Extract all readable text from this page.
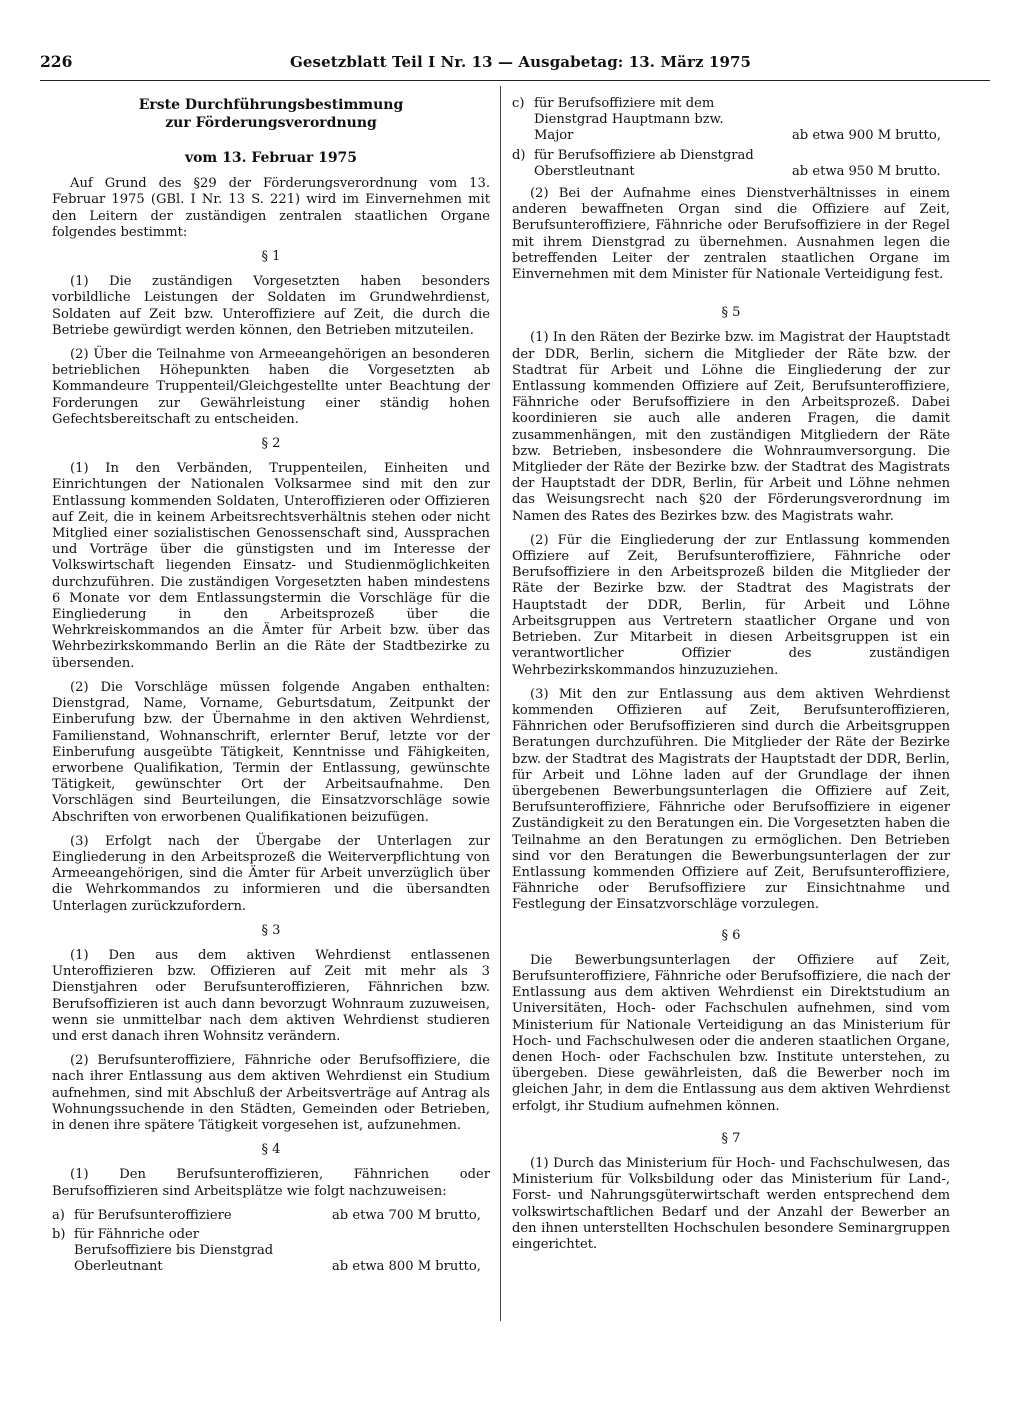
226	Gesetzblatt Teil I Nr. 13 — Ausgabetag: 13. März 1975
Erste Durchführungsbestimmung
zur Förderungsverordnung
vom 13. Februar 1975

Auf Grund des §29 der Förderungsverordnung vom 13. Februar 1975 (GBl. I Nr. 13 S. 221) wird im Einvernehmen mit den Leitern der zuständigen zentralen staatlichen Organe folgendes bestimmt:

§ 1

(1) Die zuständigen Vorgesetzten haben besonders vorbildliche Leistungen der Soldaten im Grundwehrdienst, Soldaten auf Zeit bzw. Unteroffiziere auf Zeit, die durch die Betriebe gewürdigt werden können, den Betrieben mitzuteilen.

(2) Über die Teilnahme von Armeeangehörigen an besonderen betrieblichen Höhepunkten haben die Vorgesetzten ab Kommandeure Truppenteil/Gleichgestellte unter Beachtung der Forderungen zur Gewährleistung einer ständig hohen Gefechtsbereitschaft zu entscheiden.

§ 2

(1) In den Verbänden, Truppenteilen, Einheiten und Einrichtungen der Nationalen Volksarmee sind mit den zur Entlassung kommenden Soldaten, Unteroffizieren oder Offizieren auf Zeit, die in keinem Arbeitsrechtsverhältnis stehen oder nicht Mitglied einer sozialistischen Genossenschaft sind, Aussprachen und Vorträge über die günstigsten und im Interesse der Volkswirtschaft liegenden Einsatz- und Studienmöglichkeiten durchzuführen. Die zuständigen Vorgesetzten haben mindestens 6 Monate vor dem Entlassungstermin die Vorschläge für die Eingliederung in den Arbeitsprozeß über die Wehrkreiskommandos an die Ämter für Arbeit bzw. über das Wehrbezirkskommando Berlin an die Räte der Stadtbezirke zu übersenden.

(2) Die Vorschläge müssen folgende Angaben enthalten: Dienstgrad, Name, Vorname, Geburtsdatum, Zeitpunkt der Einberufung bzw. der Übernahme in den aktiven Wehrdienst, Familienstand, Wohnanschrift, erlernter Beruf, letzte vor der Einberufung ausgeübte Tätigkeit, Kenntnisse und Fähigkeiten, erworbene Qualifikation, Termin der Entlassung, gewünschte Tätigkeit, gewünschter Ort der Arbeitsaufnahme. Den Vorschlägen sind Beurteilungen, die Einsatzvorschläge sowie Abschriften von erworbenen Qualifikationen beizufügen.

(3) Erfolgt nach der Übergabe der Unterlagen zur Eingliederung in den Arbeitsprozeß die Weiterverpflichtung von Armeeangehörigen, sind die Ämter für Arbeit unverzüglich über die Wehrkommandos zu informieren und die übersandten Unterlagen zurückzufordern.

§ 3

(1) Den aus dem aktiven Wehrdienst entlassenen Unteroffizieren bzw. Offizieren auf Zeit mit mehr als 3 Dienstjahren oder Berufsunteroffizieren, Fähnrichen bzw. Berufsoffizieren ist auch dann bevorzugt Wohnraum zuzuweisen, wenn sie unmittelbar nach dem aktiven Wehrdienst studieren und erst danach ihren Wohnsitz verändern.

(2) Berufsunteroffiziere, Fähnriche oder Berufsoffiziere, die nach ihrer Entlassung aus dem aktiven Wehrdienst ein Studium aufnehmen, sind mit Abschluß der Arbeitsverträge auf Antrag als Wohnungssuchende in den Städten, Gemeinden oder Betrieben, in denen ihre spätere Tätigkeit vorgesehen ist, aufzunehmen.

§ 4

(1) Den Berufsunteroffizieren, Fähnrichen oder Berufsoffizieren sind Arbeitsplätze wie folgt nachzuweisen:

a) für Berufsunteroffiziere	ab etwa 700 M brutto,
b) für Fähnriche oder Berufsoffiziere bis Dienstgrad Oberleutnant	ab etwa 800 M brutto,
c) für Berufsoffiziere mit dem Dienstgrad Hauptmann bzw. Major	ab etwa 900 M brutto,
d) für Berufsoffiziere ab Dienstgrad Oberstleutnant	ab etwa 950 M brutto.

(2) Bei der Aufnahme eines Dienstverhältnisses in einem anderen bewaffneten Organ sind die Offiziere auf Zeit, Berufsunteroffiziere, Fähnriche oder Berufsoffiziere in der Regel mit ihrem Dienstgrad zu übernehmen. Ausnahmen legen die betreffenden Leiter der zentralen staatlichen Organe im Einvernehmen mit dem Minister für Nationale Verteidigung fest.

§ 5

(1) In den Räten der Bezirke bzw. im Magistrat der Hauptstadt der DDR, Berlin, sichern die Mitglieder der Räte bzw. der Stadtrat für Arbeit und Löhne die Eingliederung der zur Entlassung kommenden Offiziere auf Zeit, Berufsunteroffiziere, Fähnriche oder Berufsoffiziere in den Arbeitsprozeß. Dabei koordinieren sie auch alle anderen Fragen, die damit zusammenhängen, mit den zuständigen Mitgliedern der Räte bzw. Betrieben, insbesondere die Wohnraumversorgung. Die Mitglieder der Räte der Bezirke bzw. der Stadtrat des Magistrats der Hauptstadt der DDR, Berlin, für Arbeit und Löhne nehmen das Weisungsrecht nach §20 der Förderungsverordnung im Namen des Rates des Bezirkes bzw. des Magistrats wahr.

(2) Für die Eingliederung der zur Entlassung kommenden Offiziere auf Zeit, Berufsunteroffiziere, Fähnriche oder Berufsoffiziere in den Arbeitsprozeß bilden die Mitglieder der Räte der Bezirke bzw. der Stadtrat des Magistrats der Hauptstadt der DDR, Berlin, für Arbeit und Löhne Arbeitsgruppen aus Vertretern staatlicher Organe und von Betrieben. Zur Mitarbeit in diesen Arbeitsgruppen ist ein verantwortlicher Offizier des zuständigen Wehrbezirkskommandos hinzuzuziehen.

(3) Mit den zur Entlassung aus dem aktiven Wehrdienst kommenden Offizieren auf Zeit, Berufsunteroffizieren, Fähnrichen oder Berufsoffizieren sind durch die Arbeitsgruppen Beratungen durchzuführen. Die Mitglieder der Räte der Bezirke bzw. der Stadtrat des Magistrats der Hauptstadt der DDR, Berlin, für Arbeit und Löhne laden auf der Grundlage der ihnen übergebenen Bewerbungsunterlagen die Offiziere auf Zeit, Berufsunteroffiziere, Fähnriche oder Berufsoffiziere in eigener Zuständigkeit zu den Beratungen ein. Die Vorgesetzten haben die Teilnahme an den Beratungen zu ermöglichen. Den Betrieben sind vor den Beratungen die Bewerbungsunterlagen der zur Entlassung kommenden Offiziere auf Zeit, Berufsunteroffiziere, Fähnriche oder Berufsoffiziere zur Einsichtnahme und Festlegung der Einsatzvorschläge vorzulegen.

§ 6

Die Bewerbungsunterlagen der Offiziere auf Zeit, Berufsunteroffiziere, Fähnriche oder Berufsoffiziere, die nach der Entlassung aus dem aktiven Wehrdienst ein Direktstudium an Universitäten, Hoch- oder Fachschulen aufnehmen, sind vom Ministerium für Nationale Verteidigung an das Ministerium für Hoch- und Fachschulwesen oder die anderen staatlichen Organe, denen Hoch- oder Fachschulen bzw. Institute unterstehen, zu übergeben. Diese gewährleisten, daß die Bewerber noch im gleichen Jahr, in dem die Entlassung aus dem aktiven Wehrdienst erfolgt, ihr Studium aufnehmen können.

§ 7

(1) Durch das Ministerium für Hoch- und Fachschulwesen, das Ministerium für Volksbildung oder das Ministerium für Land-, Forst- und Nahrungsgüterwirtschaft werden entsprechend dem volkswirtschaftlichen Bedarf und der Anzahl der Bewerber an den ihnen unterstellten Hochschulen besondere Seminargruppen eingerichtet.
